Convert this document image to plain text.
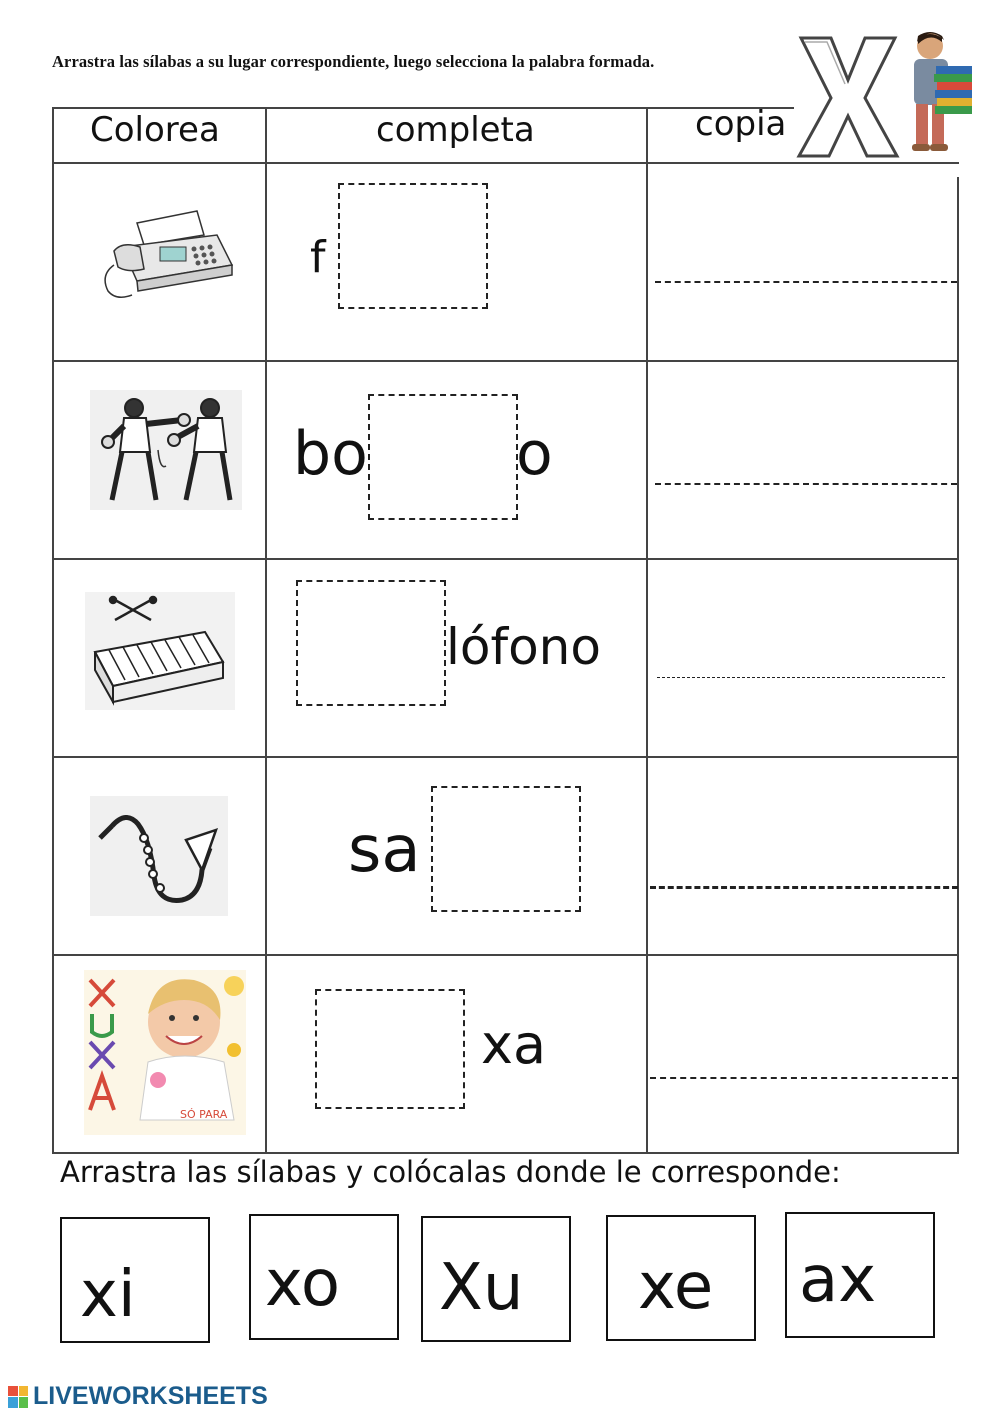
Arrastra las sílabas a su lugar correspondiente, luego selecciona la palabra formada.
Colorea	completa	copia
f
bo o
lófono
sa
SÓ PARA
xa
Arrastra las sílabas y colócalas donde le corresponde:
xi xo Xu xe ax
LIVEWORKSHEETS
